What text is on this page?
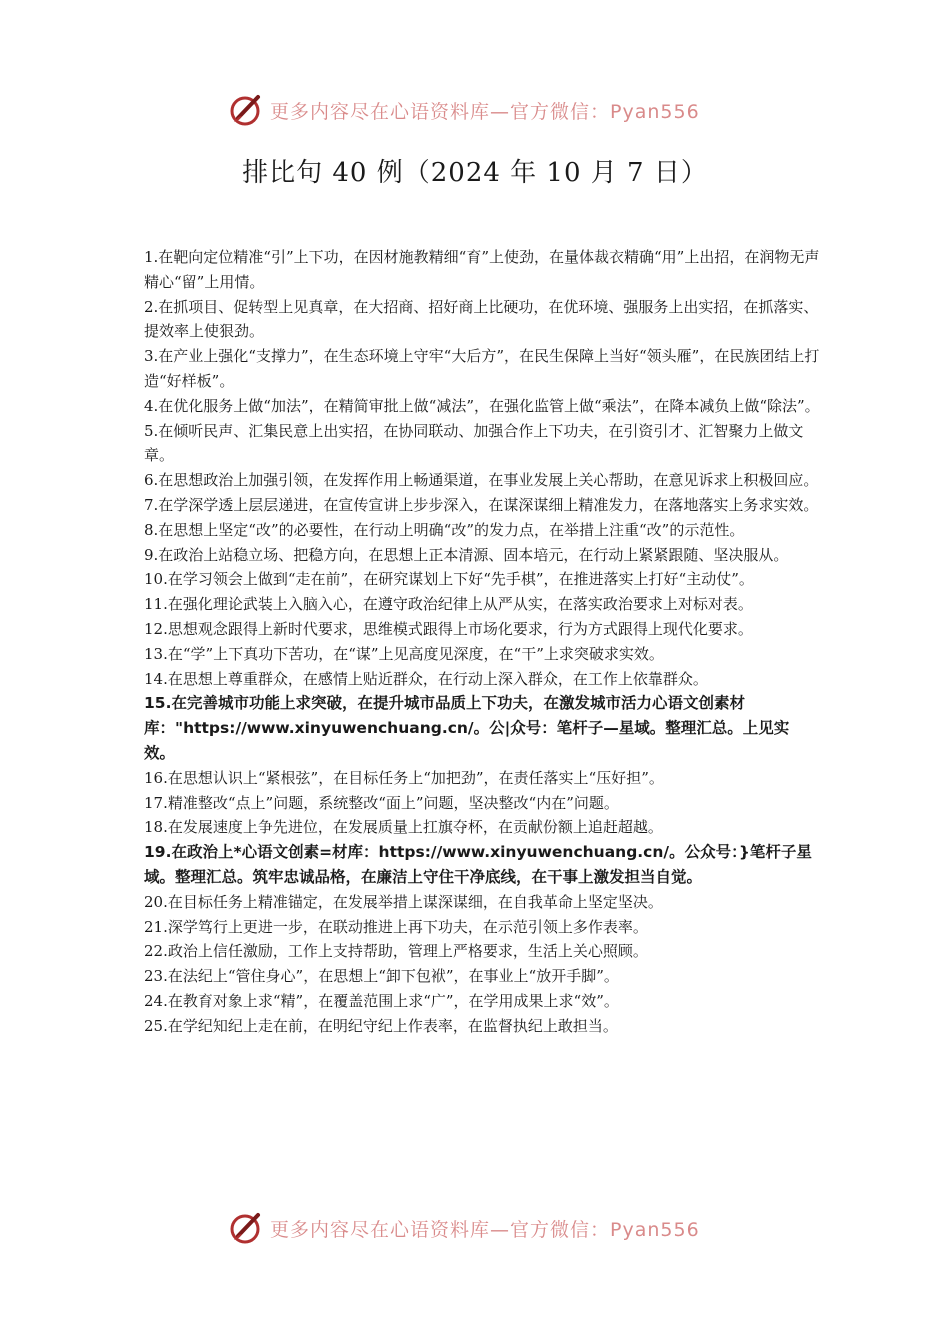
更多内容尽在心语资料库—官方微信：Pyan556
排比句 40 例（2024 年 10 月 7 日）

1.在靶向定位精准“引”上下功，在因材施教精细“育”上使劲，在量体裁衣精确“用”上出招，在润物无声精心“留”上用情。

2.在抓项目、促转型上见真章，在大招商、招好商上比硬功，在优环境、强服务上出实招，在抓落实、提效率上使狠劲。

3.在产业上强化“支撑力”，在生态环境上守牢“大后方”，在民生保障上当好“领头雁”，在民族团结上打造“好样板”。

4.在优化服务上做“加法”，在精简审批上做“减法”，在强化监管上做“乘法”，在降本减负上做“除法”。

5.在倾听民声、汇集民意上出实招，在协同联动、加强合作上下功夫，在引资引才、汇智聚力上做文章。

6.在思想政治上加强引领，在发挥作用上畅通渠道，在事业发展上关心帮助，在意见诉求上积极回应。

7.在学深学透上层层递进，在宣传宣讲上步步深入，在谋深谋细上精准发力，在落地落实上务求实效。

8.在思想上坚定“改”的必要性，在行动上明确“改”的发力点，在举措上注重“改”的示范性。

9.在政治上站稳立场、把稳方向，在思想上正本清源、固本培元，在行动上紧紧跟随、坚决服从。

10.在学习领会上做到“走在前”，在研究谋划上下好“先手棋”，在推进落实上打好“主动仗”。

11.在强化理论武装上入脑入心，在遵守政治纪律上从严从实，在落实政治要求上对标对表。

12.思想观念跟得上新时代要求，思维模式跟得上市场化要求，行为方式跟得上现代化要求。

13.在“学”上下真功下苦功，在“谋”上见高度见深度，在“干”上求突破求实效。

14.在思想上尊重群众，在感情上贴近群众，在行动上深入群众，在工作上依靠群众。

15.在完善城市功能上求突破，在提升城市品质上下功夫，在激发城市活力心语文创素材库："https://www.xinyuwenchuang.cn/。公|众号：笔杆子—星域。整理汇总。上见实效。

16.在思想认识上“紧根弦”，在目标任务上“加把劲”，在责任落实上“压好担”。

17.精准整改“点上”问题，系统整改“面上”问题，坚决整改“内在”问题。

18.在发展速度上争先进位，在发展质量上扛旗夺杯，在贡献份额上追赶超越。

19.在政治上*心语文创素=材库：https://www.xinyuwenchuang.cn/。公众号：}笔杆子星域。整理汇总。筑牢忠诚品格，在廉洁上守住干净底线，在干事上激发担当自觉。

20.在目标任务上精准锚定，在发展举措上谋深谋细，在自我革命上坚定坚决。

21.深学笃行上更进一步，在联动推进上再下功夫，在示范引领上多作表率。

22.政治上信任激励，工作上支持帮助，管理上严格要求，生活上关心照顾。

23.在法纪上“管住身心”，在思想上“卸下包袱”，在事业上“放开手脚”。

24.在教育对象上求“精”，在覆盖范围上求“广”，在学用成果上求“效”。

25.在学纪知纪上走在前，在明纪守纪上作表率，在监督执纪上敢担当。

更多内容尽在心语资料库—官方微信：Pyan556
